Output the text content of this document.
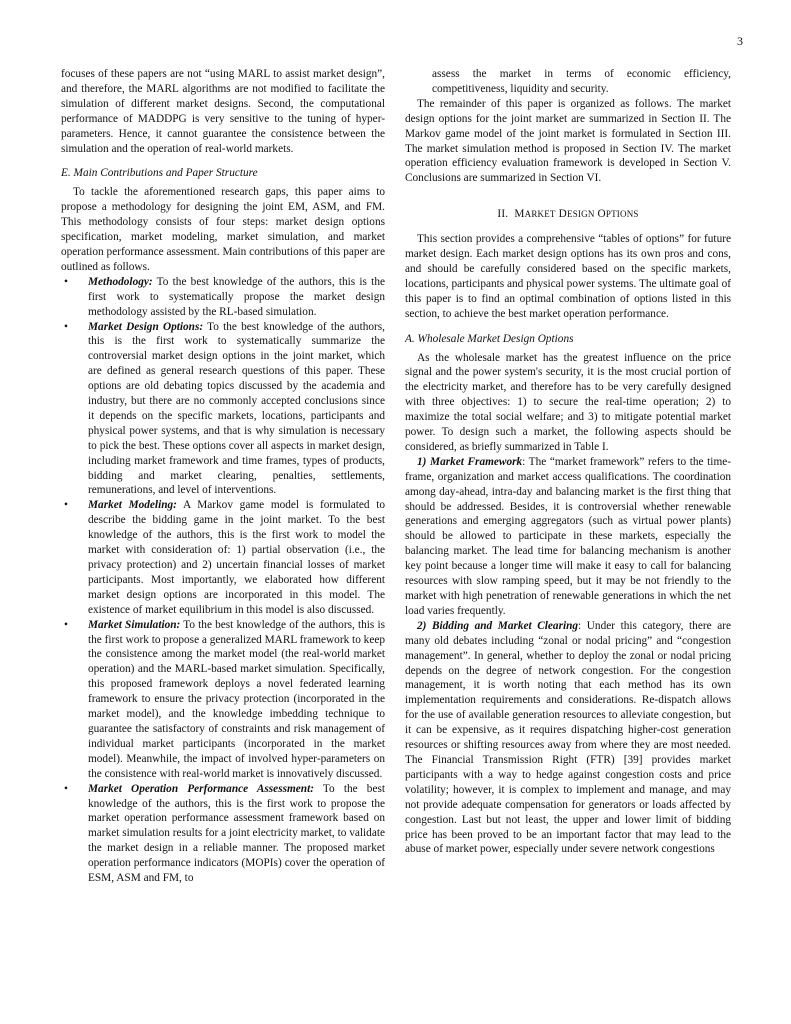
3

focuses of these papers are not “using MARL to assist market design”, and therefore, the MARL algorithms are not modified to facilitate the simulation of different market designs. Second, the computational performance of MADDPG is very sensitive to the tuning of hyper-parameters. Hence, it cannot guarantee the consistence between the simulation and the operation of real-world markets.

E. Main Contributions and Paper Structure

To tackle the aforementioned research gaps, this paper aims to propose a methodology for designing the joint EM, ASM, and FM. This methodology consists of four steps: market design options specification, market modeling, market simulation, and market operation performance assessment. Main contributions of this paper are outlined as follows.

• Methodology: To the best knowledge of the authors, this is the first work to systematically propose the market design methodology assisted by the RL-based simulation.
• Market Design Options: To the best knowledge of the authors, this is the first work to systematically summarize the controversial market design options in the joint market, which are defined as general research questions of this paper. These options are old debating topics discussed by the academia and industry, but there are no commonly accepted conclusions since it depends on the specific markets, locations, participants and physical power systems, and that is why simulation is necessary to pick the best. These options cover all aspects in market design, including market framework and time frames, types of products, bidding and market clearing, penalties, settlements, remunerations, and level of interventions.
• Market Modeling: A Markov game model is formulated to describe the bidding game in the joint market. To the best knowledge of the authors, this is the first work to model the market with consideration of: 1) partial observation (i.e., the privacy protection) and 2) uncertain financial losses of market participants. Most importantly, we elaborated how different market design options are incorporated in this model. The existence of market equilibrium in this model is also discussed.
• Market Simulation: To the best knowledge of the authors, this is the first work to propose a generalized MARL framework to keep the consistence among the market model (the real-world market operation) and the MARL-based market simulation. Specifically, this proposed framework deploys a novel federated learning framework to ensure the privacy protection (incorporated in the market model), and the knowledge imbedding technique to guarantee the satisfactory of constraints and risk management of individual market participants (incorporated in the market model). Meanwhile, the impact of involved hyper-parameters on the consistence with real-world market is innovatively discussed.
• Market Operation Performance Assessment: To the best knowledge of the authors, this is the first work to propose the market operation performance assessment framework based on market simulation results for a joint electricity market, to validate the market design in a reliable manner. The proposed market operation performance indicators (MOPIs) cover the operation of ESM, ASM and FM, to

assess the market in terms of economic efficiency, competitiveness, liquidity and security.

The remainder of this paper is organized as follows. The market design options for the joint market are summarized in Section II. The Markov game model of the joint market is formulated in Section III. The market simulation method is proposed in Section IV. The market operation efficiency evaluation framework is developed in Section V. Conclusions are summarized in Section VI.

II. MARKET DESIGN OPTIONS

This section provides a comprehensive “tables of options” for future market design. Each market design options has its own pros and cons, and should be carefully considered based on the specific markets, locations, participants and physical power systems. The ultimate goal of this paper is to find an optimal combination of options listed in this section, to achieve the best market operation performance.

A. Wholesale Market Design Options

As the wholesale market has the greatest influence on the price signal and the power system's security, it is the most crucial portion of the electricity market, and therefore has to be very carefully designed with three objectives: 1) to secure the real-time operation; 2) to maximize the total social welfare; and 3) to mitigate potential market power. To design such a market, the following aspects should be considered, as briefly summarized in Table I.

1) Market Framework: The “market framework” refers to the time-frame, organization and market access qualifications. The coordination among day-ahead, intra-day and balancing market is the first thing that should be addressed. Besides, it is controversial whether renewable generations and emerging aggregators (such as virtual power plants) should be allowed to participate in these markets, especially the balancing market. The lead time for balancing mechanism is another key point because a longer time will make it easy to call for balancing resources with slow ramping speed, but it may be not friendly to the market with high penetration of renewable generations in which the net load varies frequently.

2) Bidding and Market Clearing: Under this category, there are many old debates including “zonal or nodal pricing” and “congestion management”. In general, whether to deploy the zonal or nodal pricing depends on the degree of network congestion. For the congestion management, it is worth noting that each method has its own implementation requirements and considerations. Re-dispatch allows for the use of available generation resources to alleviate congestion, but it can be expensive, as it requires dispatching higher-cost generation resources or shifting resources away from where they are most needed. The Financial Transmission Right (FTR) [39] provides market participants with a way to hedge against congestion costs and price volatility; however, it is complex to implement and manage, and may not provide adequate compensation for generators or loads affected by congestion. Last but not least, the upper and lower limit of bidding price has been proved to be an important factor that may lead to the abuse of market power, especially under severe network congestions
